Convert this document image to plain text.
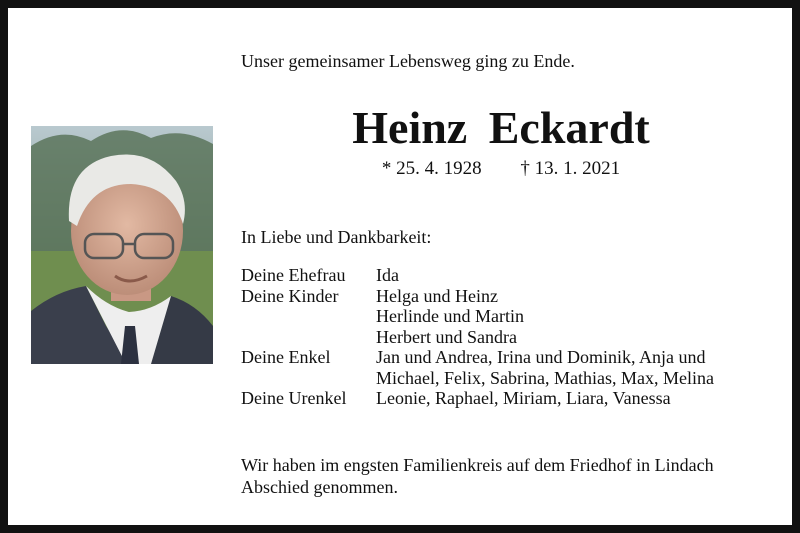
Unser gemeinsamer Lebensweg ging zu Ende.
Heinz Eckardt
* 25. 4. 1928 † 13. 1. 2021
In Liebe und Dankbarkeit:
Deine Ehefrau	Ida
Deine Kinder	Helga und Heinz
Herlinde und Martin
Herbert und Sandra
Deine Enkel	Jan und Andrea, Irina und Dominik, Anja und
Michael, Felix, Sabrina, Mathias, Max, Melina
Deine Urenkel	Leonie, Raphael, Miriam, Liara, Vanessa
Wir haben im engsten Familienkreis auf dem Friedhof in Lindach
Abschied genommen.
